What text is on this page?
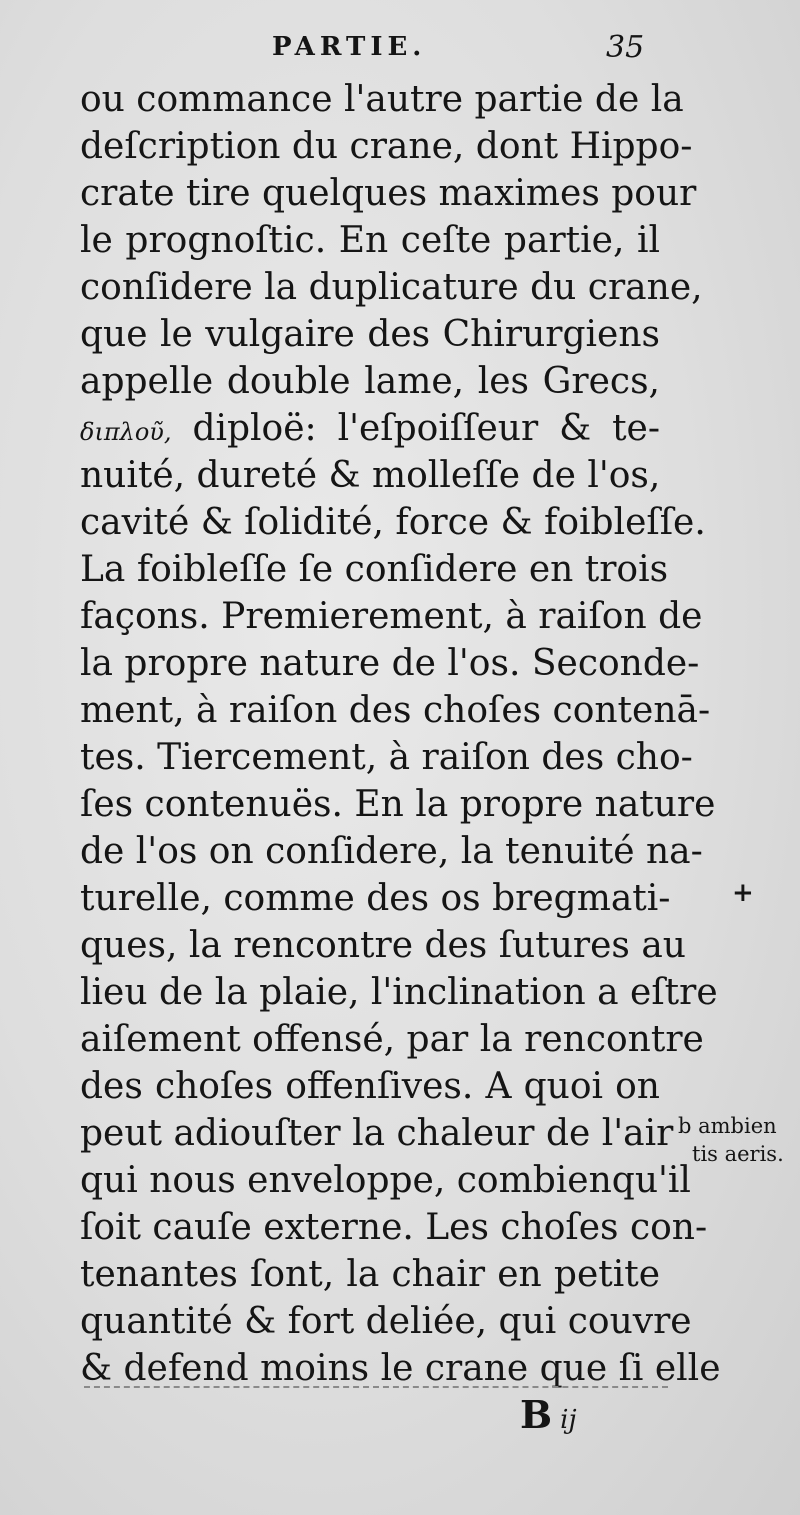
PARTIE.	35
ou commance l'autre partie de la
deſcription du crane, dont Hippo-
crate tire quelques maximes pour
le prognoſtic. En ceſte partie, il
conſidere la duplicature du crane,
que le vulgaire des Chirurgiens
appelle double lame, les Grecs,
διπλοῦ, diploë: l'eſpoiſſeur & te-
nuité, dureté & molleſſe de l'os,
cavité & ſolidité, force & foibleſſe.
La foibleſſe ſe conſidere en trois
façons. Premierement, à raiſon de
la propre nature de l'os. Seconde-
ment, à raiſon des choſes contenā-
tes. Tiercement, à raiſon des cho-
ſes contenuës. En la propre nature
de l'os on conſidere, la tenuité na-
turelle, comme des os bregmati-
ques, la rencontre des ſutures au
lieu de la plaie, l'inclination a eſtre
aiſement offensé, par la rencontre
des choſes offenſives. A quoi on
peut adiouſter la chaleur de l'air
qui nous enveloppe, combienqu'il
ſoit cauſe externe. Les choſes con-
tenantes ſont, la chair en petite
quantité & fort deliée, qui couvre
& defend moins le crane que ſi elle
+
b ambien
tis aeris.
B ij
